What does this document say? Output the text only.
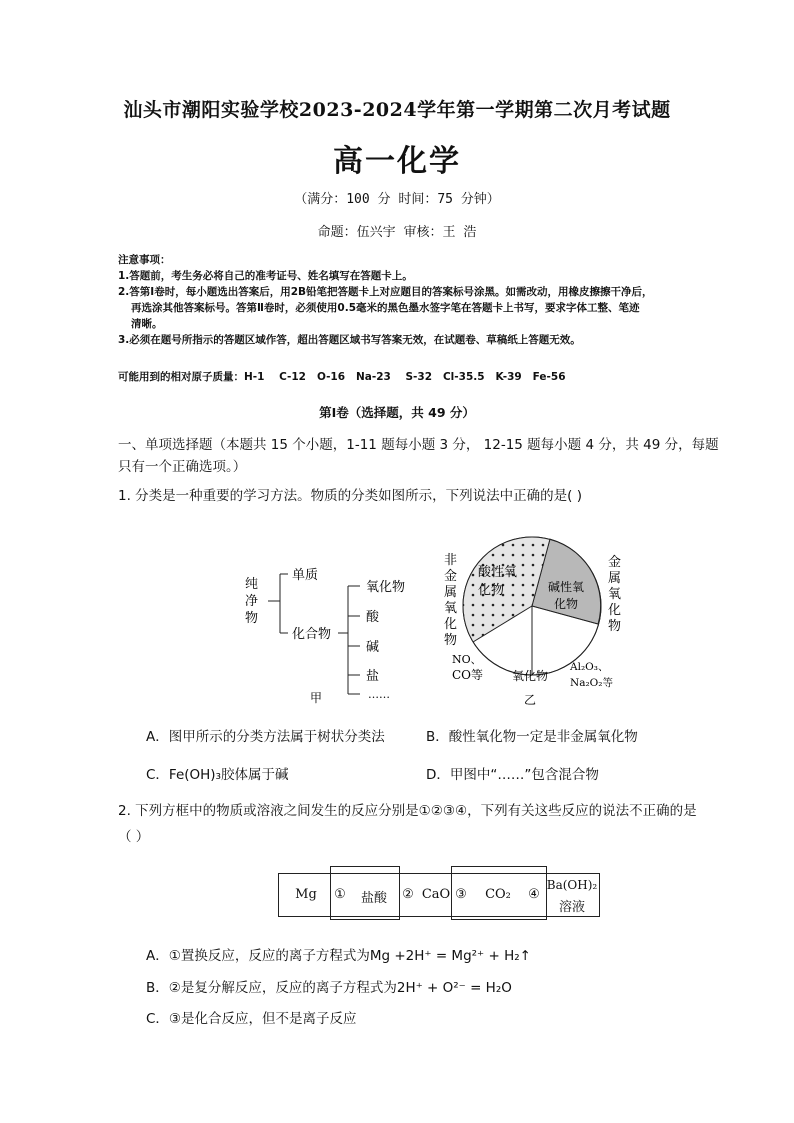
汕头市潮阳实验学校2023-2024学年第一学期第二次月考试题
高一化学
（满分：100 分 时间：75 分钟）
命题：伍兴宇 审核：王 浩
注意事项：
1.答题前，考生务必将自己的准考证号、姓名填写在答题卡上。
2.答第Ⅰ卷时，每小题选出答案后，用2B铅笔把答题卡上对应题目的答案标号涂黑。如需改动，用橡皮擦擦干净后，
再选涂其他答案标号。答第Ⅱ卷时，必须使用0.5毫米的黑色墨水签字笔在答题卡上书写，要求字体工整、笔迹
清晰。
3.必须在题号所指示的答题区域作答，超出答题区域书写答案无效，在试题卷、草稿纸上答题无效。
可能用到的相对原子质量：H-1    C-12   O-16   Na-23    S-32   Cl-35.5   K-39   Fe-56
第Ⅰ卷（选择题，共 49 分）
一、单项选择题（本题共 15 个小题，1-11 题每小题 3 分， 12-15 题每小题 4 分，共 49 分，每题只有一个正确选项。）
1. 分类是一种重要的学习方法。物质的分类如图所示，下列说法中正确的是( )
纯
净
物
单质
化合物
氧化物
酸
碱
盐
……
甲
非
金
属
氧
化
物
金
属
氧
化
物
酸性氧
化物	碱性氧
化物
NO、
CO等 氧化物
Al₂O₃、
Na₂O₂等
乙
A．图甲所示的分类方法属于树状分类法	B．酸性氧化物一定是非金属氧化物
C．Fe(OH)₃胶体属于碱	D．甲图中“……”包含混合物
2. 下列方框中的物质或溶液之间发生的反应分别是①②③④，下列有关这些反应的说法不正确的是
（ ）
Mg	①	盐酸	② CaO ③	CO₂	④
Ba(OH)₂
溶液
A．①置换反应，反应的离子方程式为Mg +2H⁺ = Mg²⁺ + H₂↑
B．②是复分解反应，反应的离子方程式为2H⁺ + O²⁻ = H₂O
C．③是化合反应，但不是离子反应
